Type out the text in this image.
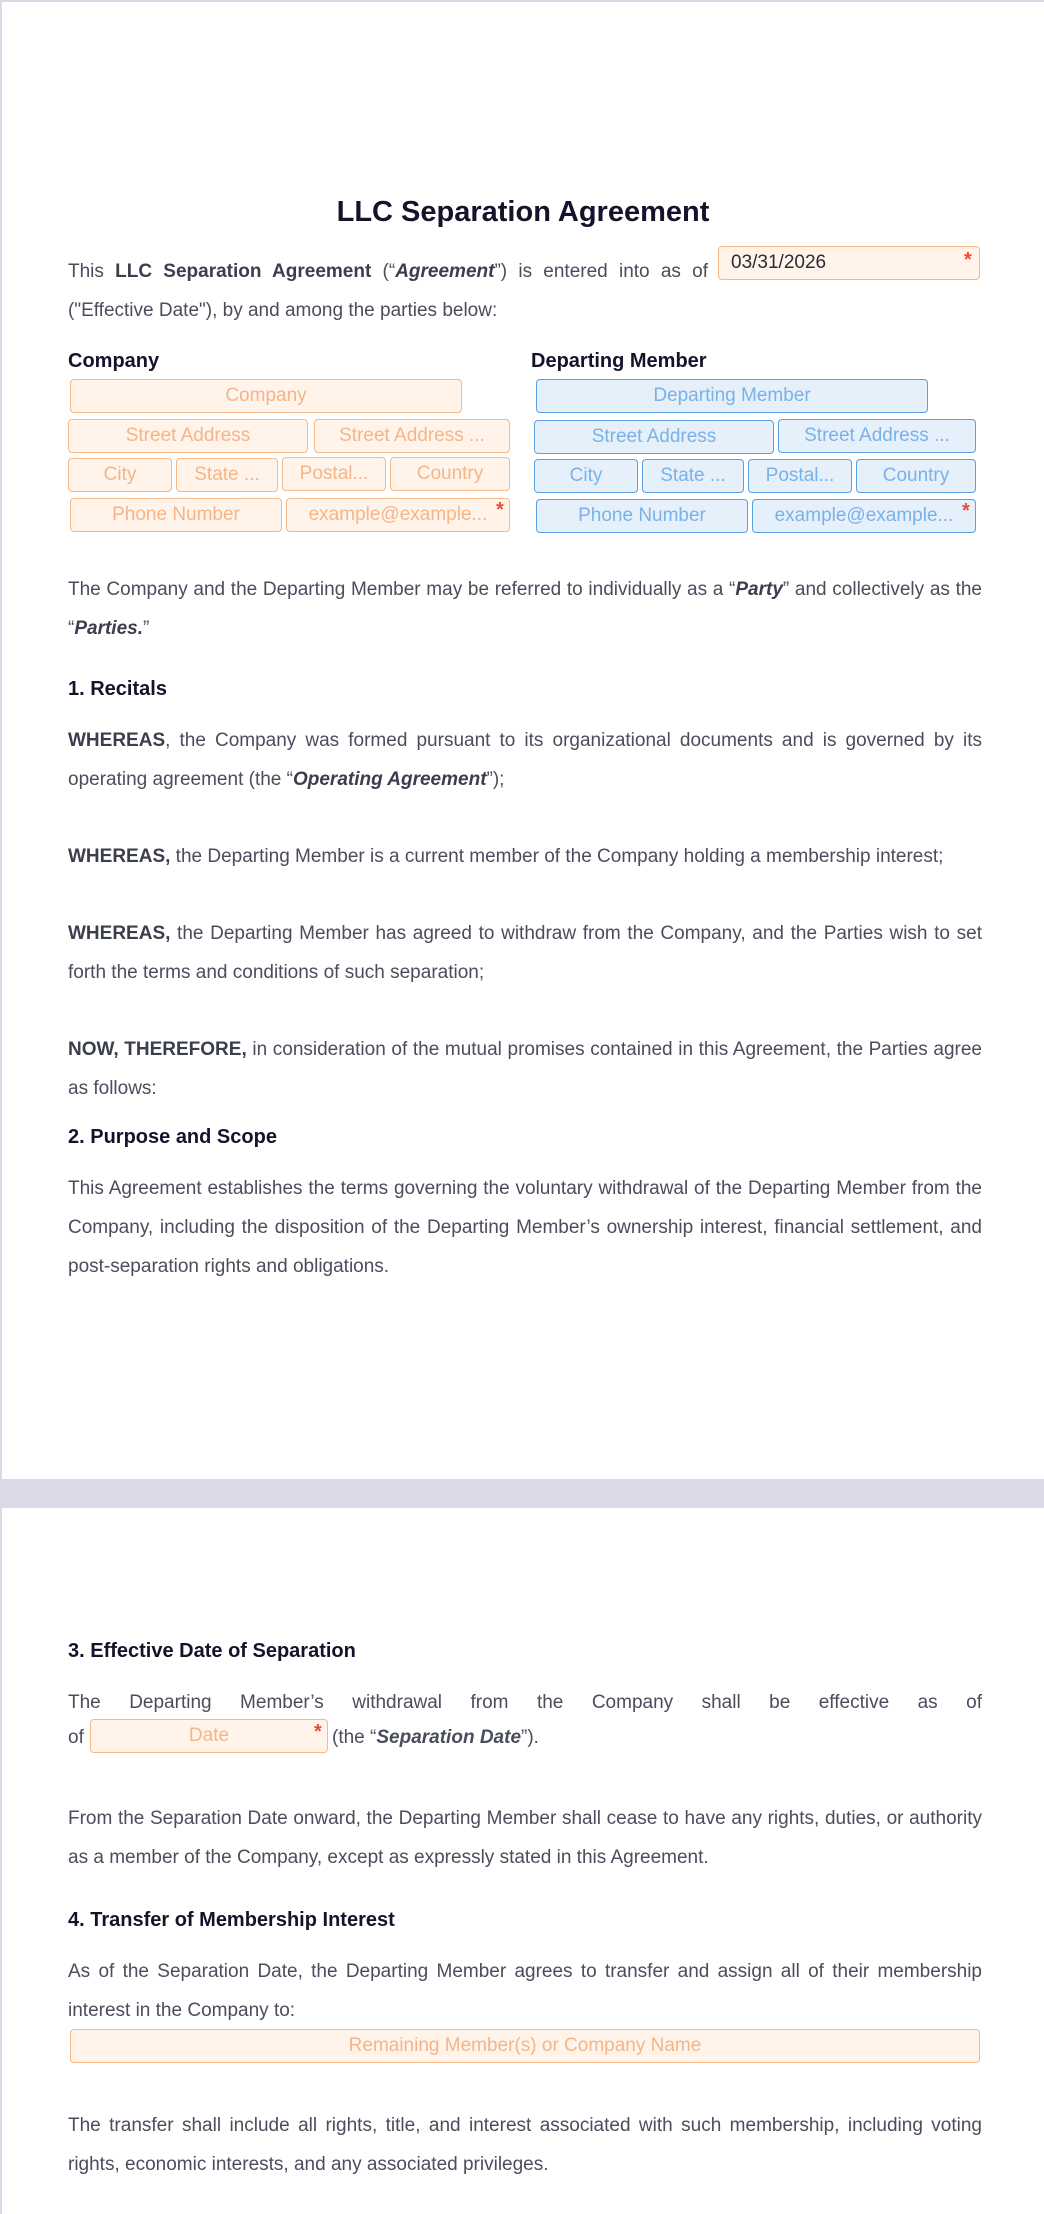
LLC Separation Agreement
This LLC Separation Agreement (“Agreement”) is entered into as of	03/31/2026	*
("Effective Date"), by and among the parties below:
Company	Departing Member
Company
Street Address	Street Address ...
City	State ...	Postal...	Country
Phone Number	example@example... *
Departing Member
Street Address	Street Address ...
City	State ...	Postal...	Country
Phone Number	example@example... *
The Company and the Departing Member may be referred to individually as a “Party” and collectively as the “Parties.”
1. Recitals
WHEREAS, the Company was formed pursuant to its organizational documents and is governed by its operating agreement (the “Operating Agreement”);
WHEREAS, the Departing Member is a current member of the Company holding a membership interest;
WHEREAS, the Departing Member has agreed to withdraw from the Company, and the Parties wish to set forth the terms and conditions of such separation;
NOW, THEREFORE, in consideration of the mutual promises contained in this Agreement, the Parties agree as follows:
2. Purpose and Scope
This Agreement establishes the terms governing the voluntary withdrawal of the Departing Member from the Company, including the disposition of the Departing Member’s ownership interest, financial settlement, and post-separation rights and obligations.
3. Effective Date of Separation
The Departing Member’s withdrawal from the Company shall be effective as of
of	Date	* (the “Separation Date”).
From the Separation Date onward, the Departing Member shall cease to have any rights, duties, or authority as a member of the Company, except as expressly stated in this Agreement.
4. Transfer of Membership Interest
As of the Separation Date, the Departing Member agrees to transfer and assign all of their membership interest in the Company to:
Remaining Member(s) or Company Name
The transfer shall include all rights, title, and interest associated with such membership, including voting rights, economic interests, and any associated privileges.
